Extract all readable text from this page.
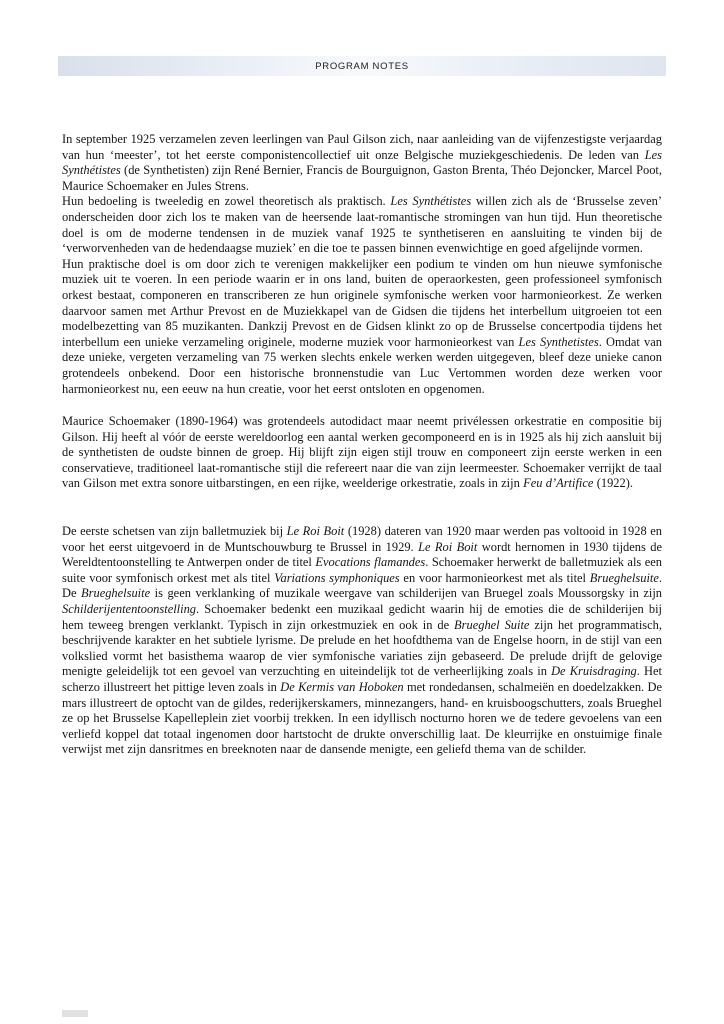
PROGRAM NOTES

In september 1925 verzamelen zeven leerlingen van Paul Gilson zich, naar aanleiding van de vijfenzestigste verjaardag van hun ‘meester’, tot het eerste componistencollectief uit onze Belgische muziekgeschiedenis. De leden van Les Synthétistes (de Synthetisten) zijn René Bernier, Francis de Bourguignon, Gaston Brenta, Théo Dejoncker, Marcel Poot, Maurice Schoemaker en Jules Strens.

Hun bedoeling is tweeledig en zowel theoretisch als praktisch. Les Synthétistes willen zich als de ‘Brusselse zeven’ onderscheiden door zich los te maken van de heersende laat-romantische stromingen van hun tijd. Hun theoretische doel is om de moderne tendensen in de muziek vanaf 1925 te synthetiseren en aansluiting te vinden bij de ‘verworvenheden van de hedendaagse muziek’ en die toe te passen binnen evenwichtige en goed afgelijnde vormen.

Hun praktische doel is om door zich te verenigen makkelijker een podium te vinden om hun nieuwe symfonische muziek uit te voeren. In een periode waarin er in ons land, buiten de operaorkesten, geen professioneel symfonisch orkest bestaat, componeren en transcriberen ze hun originele symfonische werken voor harmonieorkest. Ze werken daarvoor samen met Arthur Prevost en de Muziekkapel van de Gidsen die tijdens het interbellum uitgroeien tot een modelbezetting van 85 muzikanten. Dankzij Prevost en de Gidsen klinkt zo op de Brusselse concertpodia tijdens het interbellum een unieke verzameling originele, moderne muziek voor harmonieorkest van Les Synthetistes. Omdat van deze unieke, vergeten verzameling van 75 werken slechts enkele werken werden uitgegeven, bleef deze unieke canon grotendeels onbekend. Door een historische bronnenstudie van Luc Vertommen worden deze werken voor harmonieorkest nu, een eeuw na hun creatie, voor het eerst ontsloten en opgenomen.

Maurice Schoemaker (1890-1964) was grotendeels autodidact maar neemt privélessen orkestratie en compositie bij Gilson. Hij heeft al vóór de eerste wereldoorlog een aantal werken gecomponeerd en is in 1925 als hij zich aansluit bij de synthetisten de oudste binnen de groep. Hij blijft zijn eigen stijl trouw en componeert zijn eerste werken in een conservatieve, traditioneel laat-romantische stijl die refereert naar die van zijn leermeester. Schoemaker verrijkt de taal van Gilson met extra sonore uitbarstingen, en een rijke, weelderige orkestratie, zoals in zijn Feu d’Artifice (1922).

De eerste schetsen van zijn balletmuziek bij Le Roi Boit (1928) dateren van 1920 maar werden pas voltooid in 1928 en voor het eerst uitgevoerd in de Muntschouwburg te Brussel in 1929. Le Roi Boit wordt hernomen in 1930 tijdens de Wereldtentoonstelling te Antwerpen onder de titel Evocations flamandes. Schoemaker herwerkt de balletmuziek als een suite voor symfonisch orkest met als titel Variations symphoniques en voor harmonieorkest met als titel Brueghelsuite. De Brueghelsuite is geen verklanking of muzikale weergave van schilderijen van Bruegel zoals Moussorgsky in zijn Schilderijententoonstelling. Schoemaker bedenkt een muzikaal gedicht waarin hij de emoties die de schilderijen bij hem teweeg brengen verklankt. Typisch in zijn orkestmuziek en ook in de Brueghel Suite zijn het programmatisch, beschrijvende karakter en het subtiele lyrisme. De prelude en het hoofdthema van de Engelse hoorn, in de stijl van een volkslied vormt het basisthema waarop de vier symfonische variaties zijn gebaseerd. De prelude drijft de gelovige menigte geleidelijk tot een gevoel van verzuchting en uiteindelijk tot de verheerlijking zoals in De Kruisdraging. Het scherzo illustreert het pittige leven zoals in De Kermis van Hoboken met rondedansen, schalmeiën en doedelzakken. De mars illustreert de optocht van de gildes, rederijkerskamers, minnezangers, hand- en kruisboogschutters, zoals Brueghel ze op het Brusselse Kapelleplein ziet voorbij trekken. In een idyllisch nocturno horen we de tedere gevoelens van een verliefd koppel dat totaal ingenomen door hartstocht de drukte onverschillig laat. De kleurrijke en onstuimige finale verwijst met zijn dansritmes en breeknoten naar de dansende menigte, een geliefd thema van de schilder.
